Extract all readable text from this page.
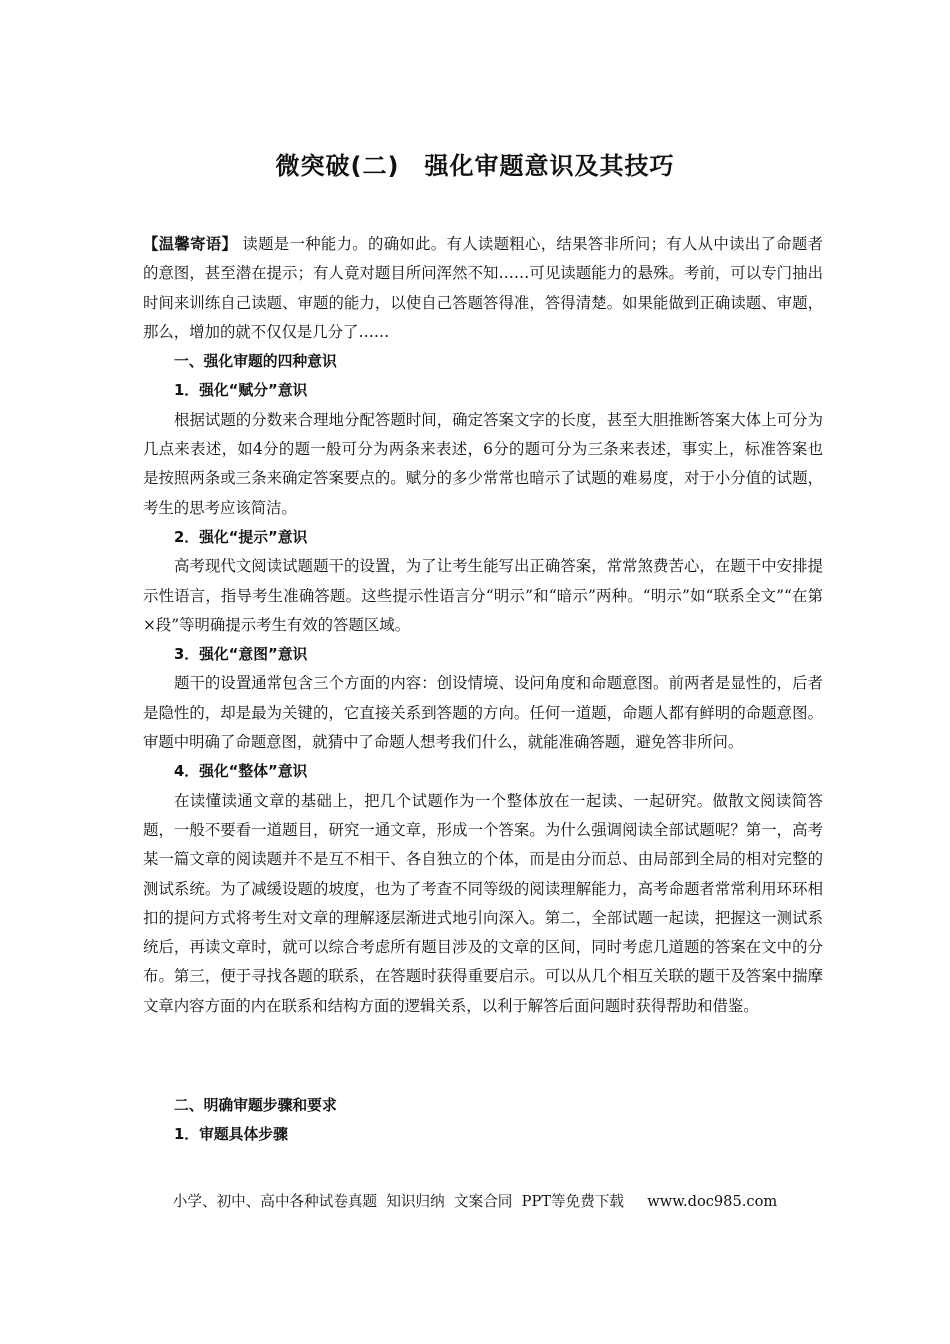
微突破(二)　强化审题意识及其技巧

【温馨寄语】 读题是一种能力。的确如此。有人读题粗心，结果答非所问；有人从中读出了命题者的意图，甚至潜在提示；有人竟对题目所问浑然不知……可见读题能力的悬殊。考前，可以专门抽出时间来训练自己读题、审题的能力，以使自己答题答得准，答得清楚。如果能做到正确读题、审题，那么，增加的就不仅仅是几分了……

一、强化审题的四种意识

1．强化“赋分”意识

根据试题的分数来合理地分配答题时间，确定答案文字的长度，甚至大胆推断答案大体上可分为几点来表述，如4分的题一般可分为两条来表述，6分的题可分为三条来表述，事实上，标准答案也是按照两条或三条来确定答案要点的。赋分的多少常常也暗示了试题的难易度，对于小分值的试题，考生的思考应该简洁。

2．强化“提示”意识

高考现代文阅读试题题干的设置，为了让考生能写出正确答案，常常煞费苦心，在题干中安排提示性语言，指导考生准确答题。这些提示性语言分“明示”和“暗示”两种。“明示”如“联系全文”“在第×段”等明确提示考生有效的答题区域。

3．强化“意图”意识

题干的设置通常包含三个方面的内容：创设情境、设问角度和命题意图。前两者是显性的，后者是隐性的，却是最为关键的，它直接关系到答题的方向。任何一道题，命题人都有鲜明的命题意图。审题中明确了命题意图，就猜中了命题人想考我们什么，就能准确答题，避免答非所问。

4．强化“整体”意识

在读懂读通文章的基础上，把几个试题作为一个整体放在一起读、一起研究。做散文阅读简答题，一般不要看一道题目，研究一通文章，形成一个答案。为什么强调阅读全部试题呢？第一，高考某一篇文章的阅读题并不是互不相干、各自独立的个体，而是由分而总、由局部到全局的相对完整的测试系统。为了减缓设题的坡度，也为了考查不同等级的阅读理解能力，高考命题者常常利用环环相扣的提问方式将考生对文章的理解逐层渐进式地引向深入。第二，全部试题一起读，把握这一测试系统后，再读文章时，就可以综合考虑所有题目涉及的文章的区间，同时考虑几道题的答案在文中的分布。第三，便于寻找各题的联系，在答题时获得重要启示。可以从几个相互关联的题干及答案中揣摩文章内容方面的内在联系和结构方面的逻辑关系，以利于解答后面问题时获得帮助和借鉴。

二、明确审题步骤和要求

1．审题具体步骤

小学、初中、高中各种试卷真题  知识归纳  文案合同  PPT等免费下载     www.doc985.com
